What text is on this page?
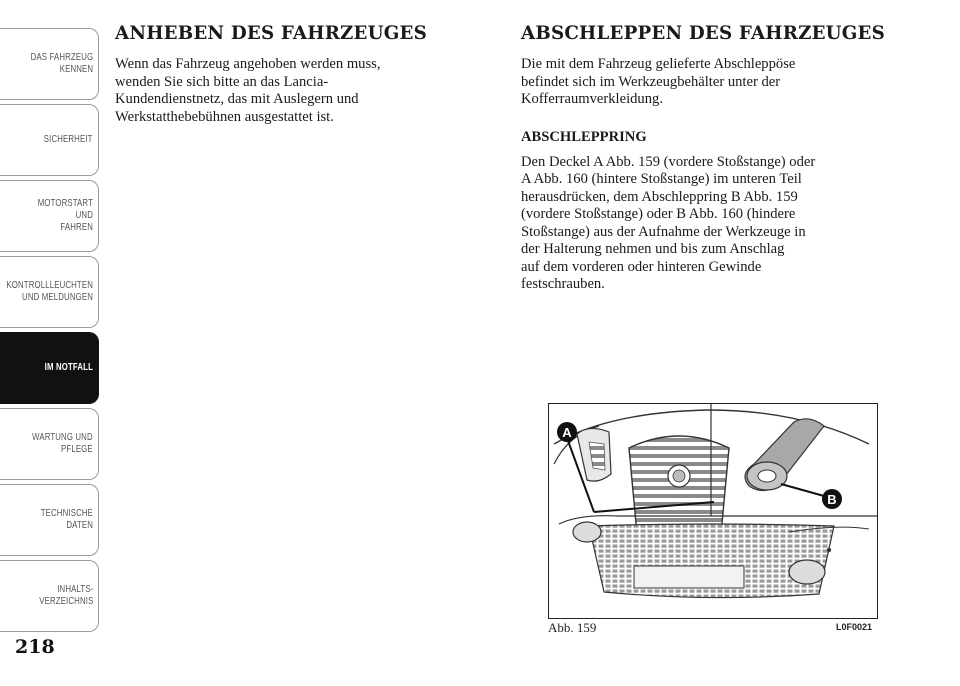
DAS FAHRZEUG
KENNEN
SICHERHEIT
MOTORSTART UND
FAHREN
KONTROLLLEUCHTEN
UND MELDUNGEN
IM NOTFALL
WARTUNG UND
PFLEGE
TECHNISCHE
DATEN
INHALTS-
VERZEICHNIS
218
ANHEBEN DES FAHRZEUGES

Wenn das Fahrzeug angehoben werden muss,
wenden Sie sich bitte an das Lancia-
Kundendienstnetz, das mit Auslegern und
Werkstatthebebühnen ausgestattet ist.

ABSCHLEPPEN DES FAHRZEUGES

Die mit dem Fahrzeug gelieferte Abschleppöse
befindet sich im Werkzeugbehälter unter der
Kofferraumverkleidung.

ABSCHLEPPRING

Den Deckel A Abb. 159 (vordere Stoßstange) oder
A Abb. 160 (hintere Stoßstange) im unteren Teil
herausdrücken, dem Abschleppring B Abb. 159
(vordere Stoßstange) oder B Abb. 160 (hindere
Stoßstange) aus der Aufnahme der Werkzeuge in
der Halterung nehmen und bis zum Anschlag
auf dem vorderen oder hinteren Gewinde
festschrauben.

A
B
Abb. 159	L0F0021
